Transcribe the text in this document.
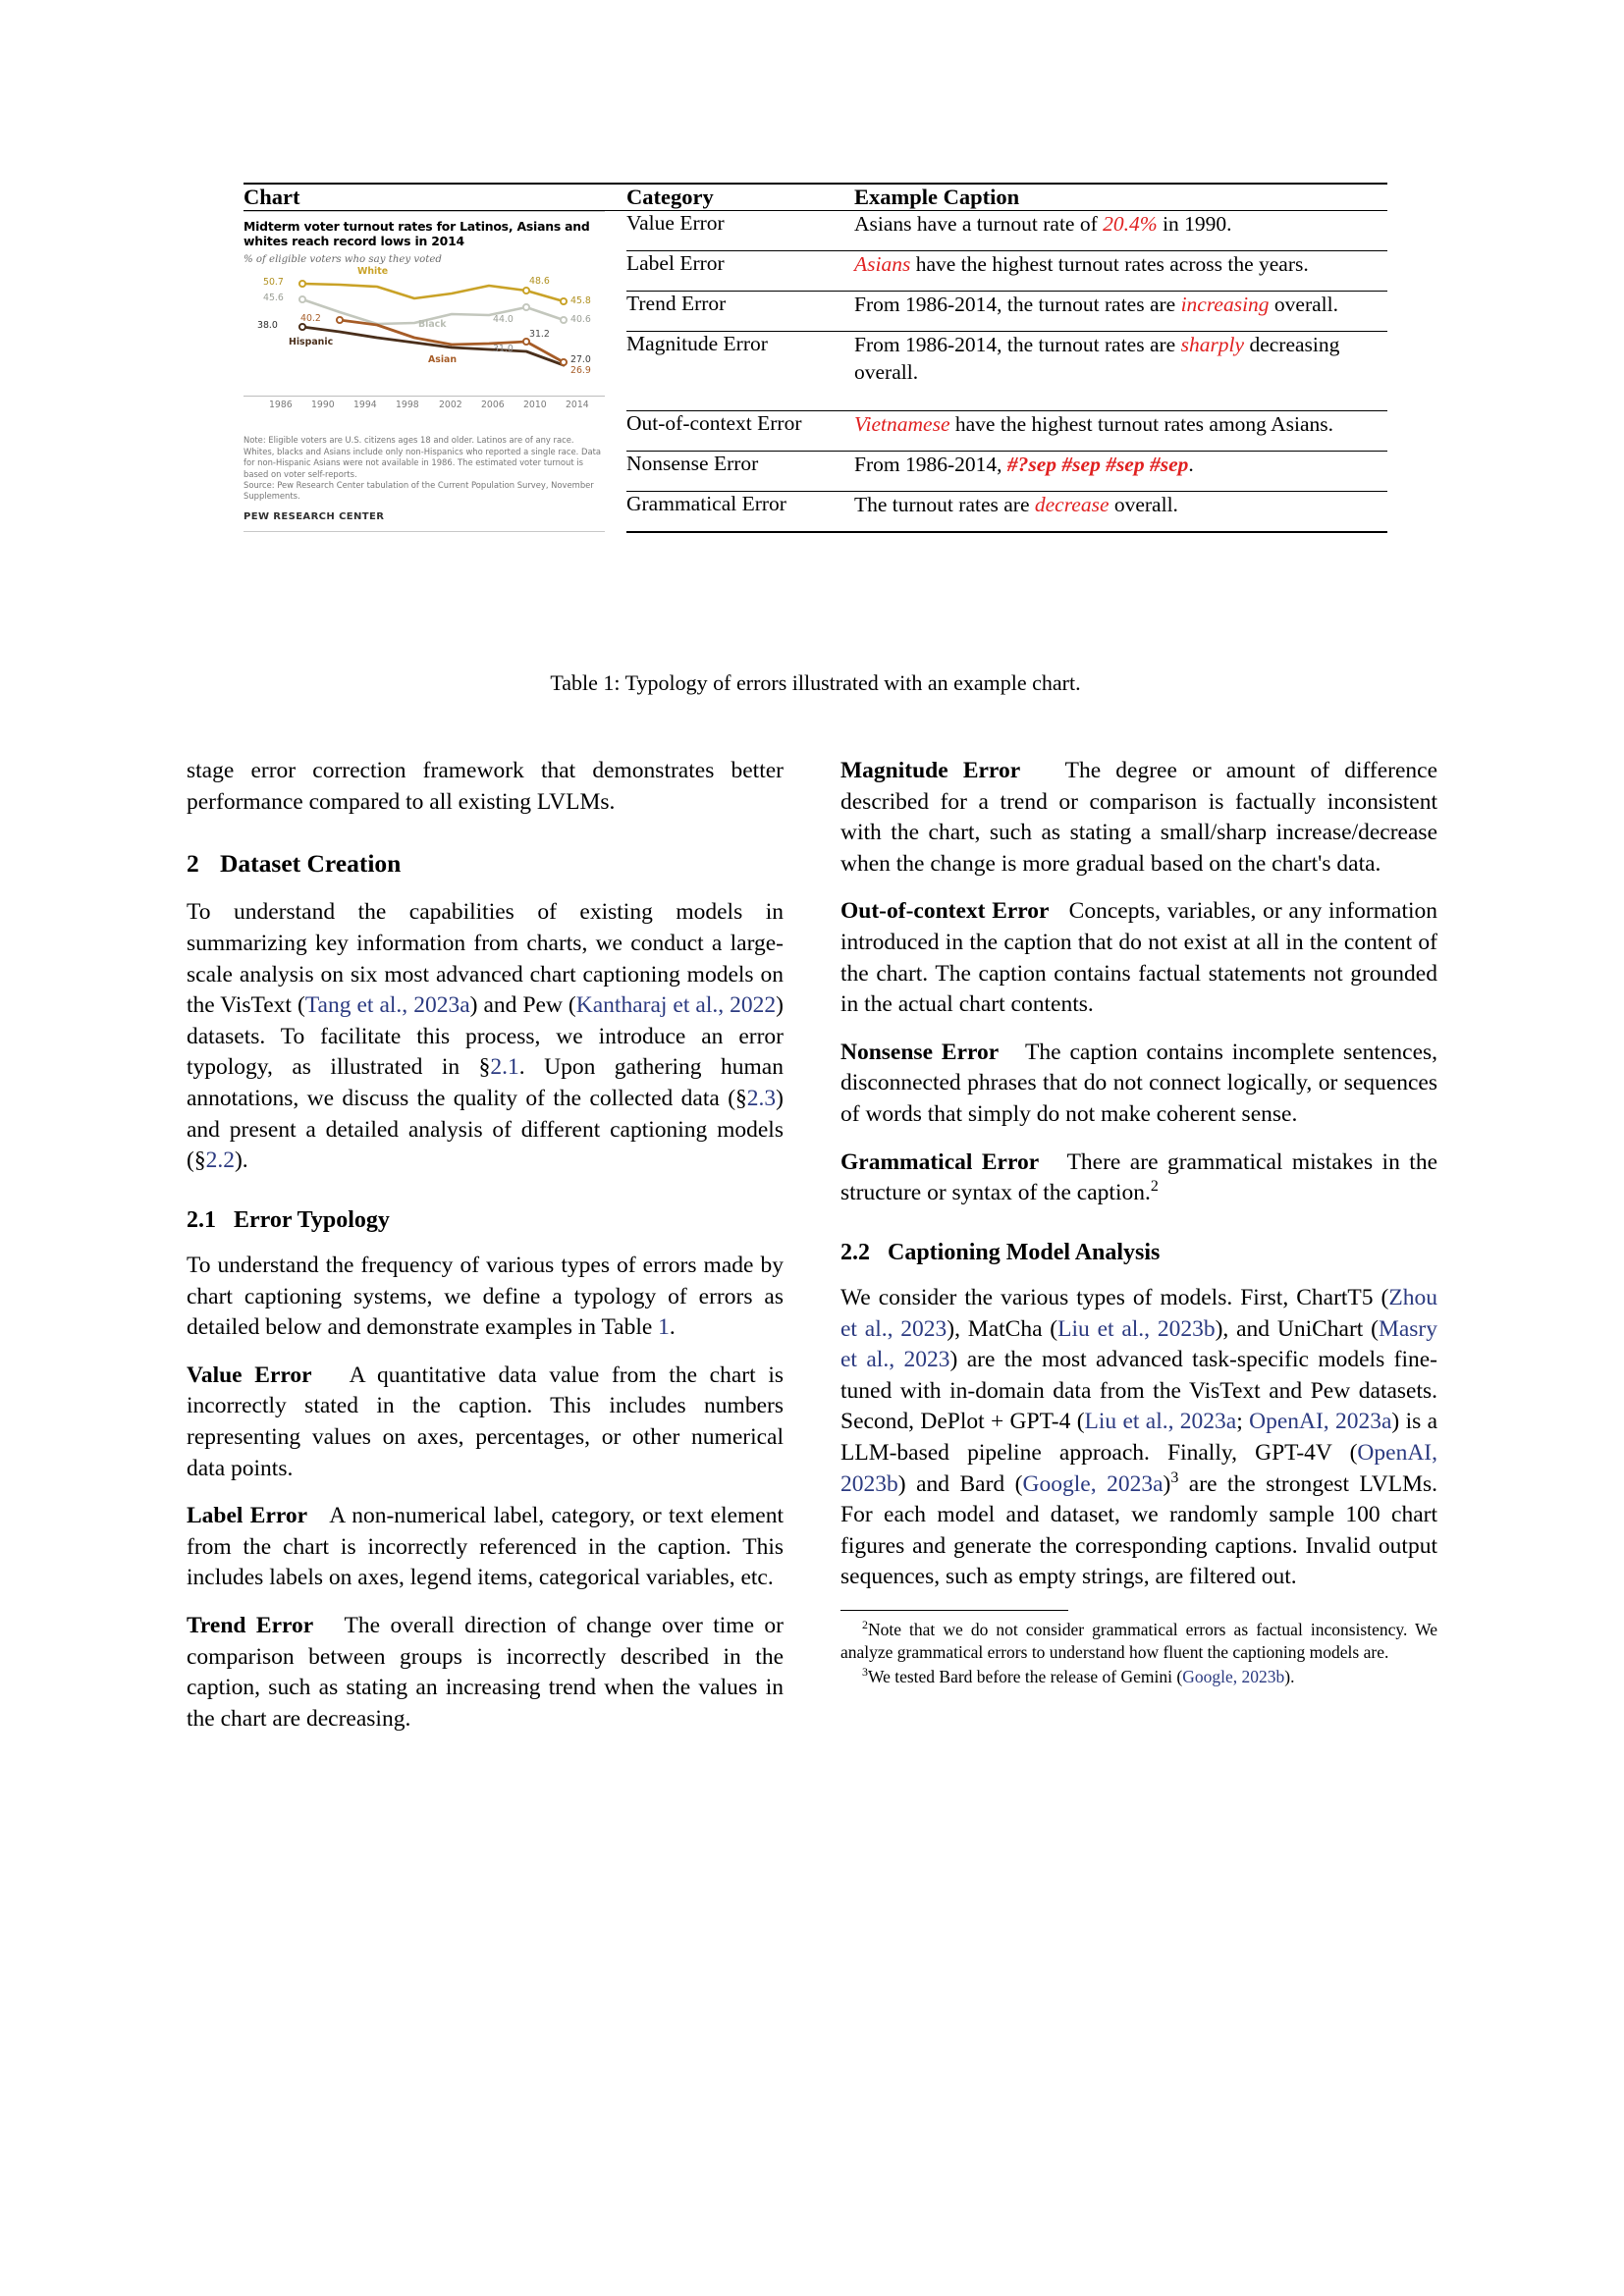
Chart	Category	Example Caption

Midterm voter turnout rates for Latinos, Asians and whites reach record lows in 2014
% of eligible voters who say they voted
White
Black
Hispanic
Asian
50.7	48.6
45.8
45.6
44.0	40.6
40.2
31.2
27.0
38.0
31.0
26.9
1986 1990 1994 1998 2002 2006 2010 2014
Note: Eligible voters are U.S. citizens ages 18 and older. Latinos are of any race. Whites, blacks and Asians include only non-Hispanics who reported a single race. Data for non-Hispanic Asians were not available in 1986. The estimated voter turnout is based on voter self-reports.
Source: Pew Research Center tabulation of the Current Population Survey, November Supplements.
PEW RESEARCH CENTER
	Value Error	Asians have a turnout rate of 20.4% in 1990.
	Label Error	Asians have the highest turnout rates across the years.
	Trend Error	From 1986-2014, the turnout rates are increasing overall.
	Magnitude Error	From 1986-2014, the turnout rates are sharply decreasing overall.
	Out-of-context Error	Vietnamese have the highest turnout rates among Asians.
	Nonsense Error	From 1986-2014, #?sep #sep #sep #sep.
	Grammatical Error	The turnout rates are decrease overall.
Table 1: Typology of errors illustrated with an example chart.

stage error correction framework that demonstrates better performance compared to all existing LVLMs.

2 Dataset Creation

To understand the capabilities of existing models in summarizing key information from charts, we conduct a large-scale analysis on six most advanced chart captioning models on the VisText (Tang et al., 2023a) and Pew (Kantharaj et al., 2022) datasets. To facilitate this process, we introduce an error typology, as illustrated in §2.1. Upon gathering human annotations, we discuss the quality of the collected data (§2.3) and present a detailed analysis of different captioning models (§2.2).

2.1 Error Typology

To understand the frequency of various types of errors made by chart captioning systems, we define a typology of errors as detailed below and demonstrate examples in Table 1.

Value Error A quantitative data value from the chart is incorrectly stated in the caption. This includes numbers representing values on axes, percentages, or other numerical data points.

Label Error A non-numerical label, category, or text element from the chart is incorrectly referenced in the caption. This includes labels on axes, legend items, categorical variables, etc.

Trend Error The overall direction of change over time or comparison between groups is incorrectly described in the caption, such as stating an increasing trend when the values in the chart are decreasing.

Magnitude Error The degree or amount of difference described for a trend or comparison is factually inconsistent with the chart, such as stating a small/sharp increase/decrease when the change is more gradual based on the chart's data.

Out-of-context Error Concepts, variables, or any information introduced in the caption that do not exist at all in the content of the chart. The caption contains factual statements not grounded in the actual chart contents.

Nonsense Error The caption contains incomplete sentences, disconnected phrases that do not connect logically, or sequences of words that simply do not make coherent sense.

Grammatical Error There are grammatical mistakes in the structure or syntax of the caption.$^2$

2.2 Captioning Model Analysis

We consider the various types of models. First, ChartT5 (Zhou et al., 2023), MatCha (Liu et al., 2023b), and UniChart (Masry et al., 2023) are the most advanced task-specific models fine-tuned with in-domain data from the VisText and Pew datasets. Second, DePlot + GPT-4 (Liu et al., 2023a; OpenAI, 2023a) is a LLM-based pipeline approach. Finally, GPT-4V (OpenAI, 2023b) and Bard (Google, 2023a)$^3$ are the strongest LVLMs. For each model and dataset, we randomly sample 100 chart figures and generate the corresponding captions. Invalid output sequences, such as empty strings, are filtered out.

$^2$Note that we do not consider grammatical errors as factual inconsistency. We analyze grammatical errors to understand how fluent the captioning models are.

$^3$We tested Bard before the release of Gemini (Google, 2023b).
